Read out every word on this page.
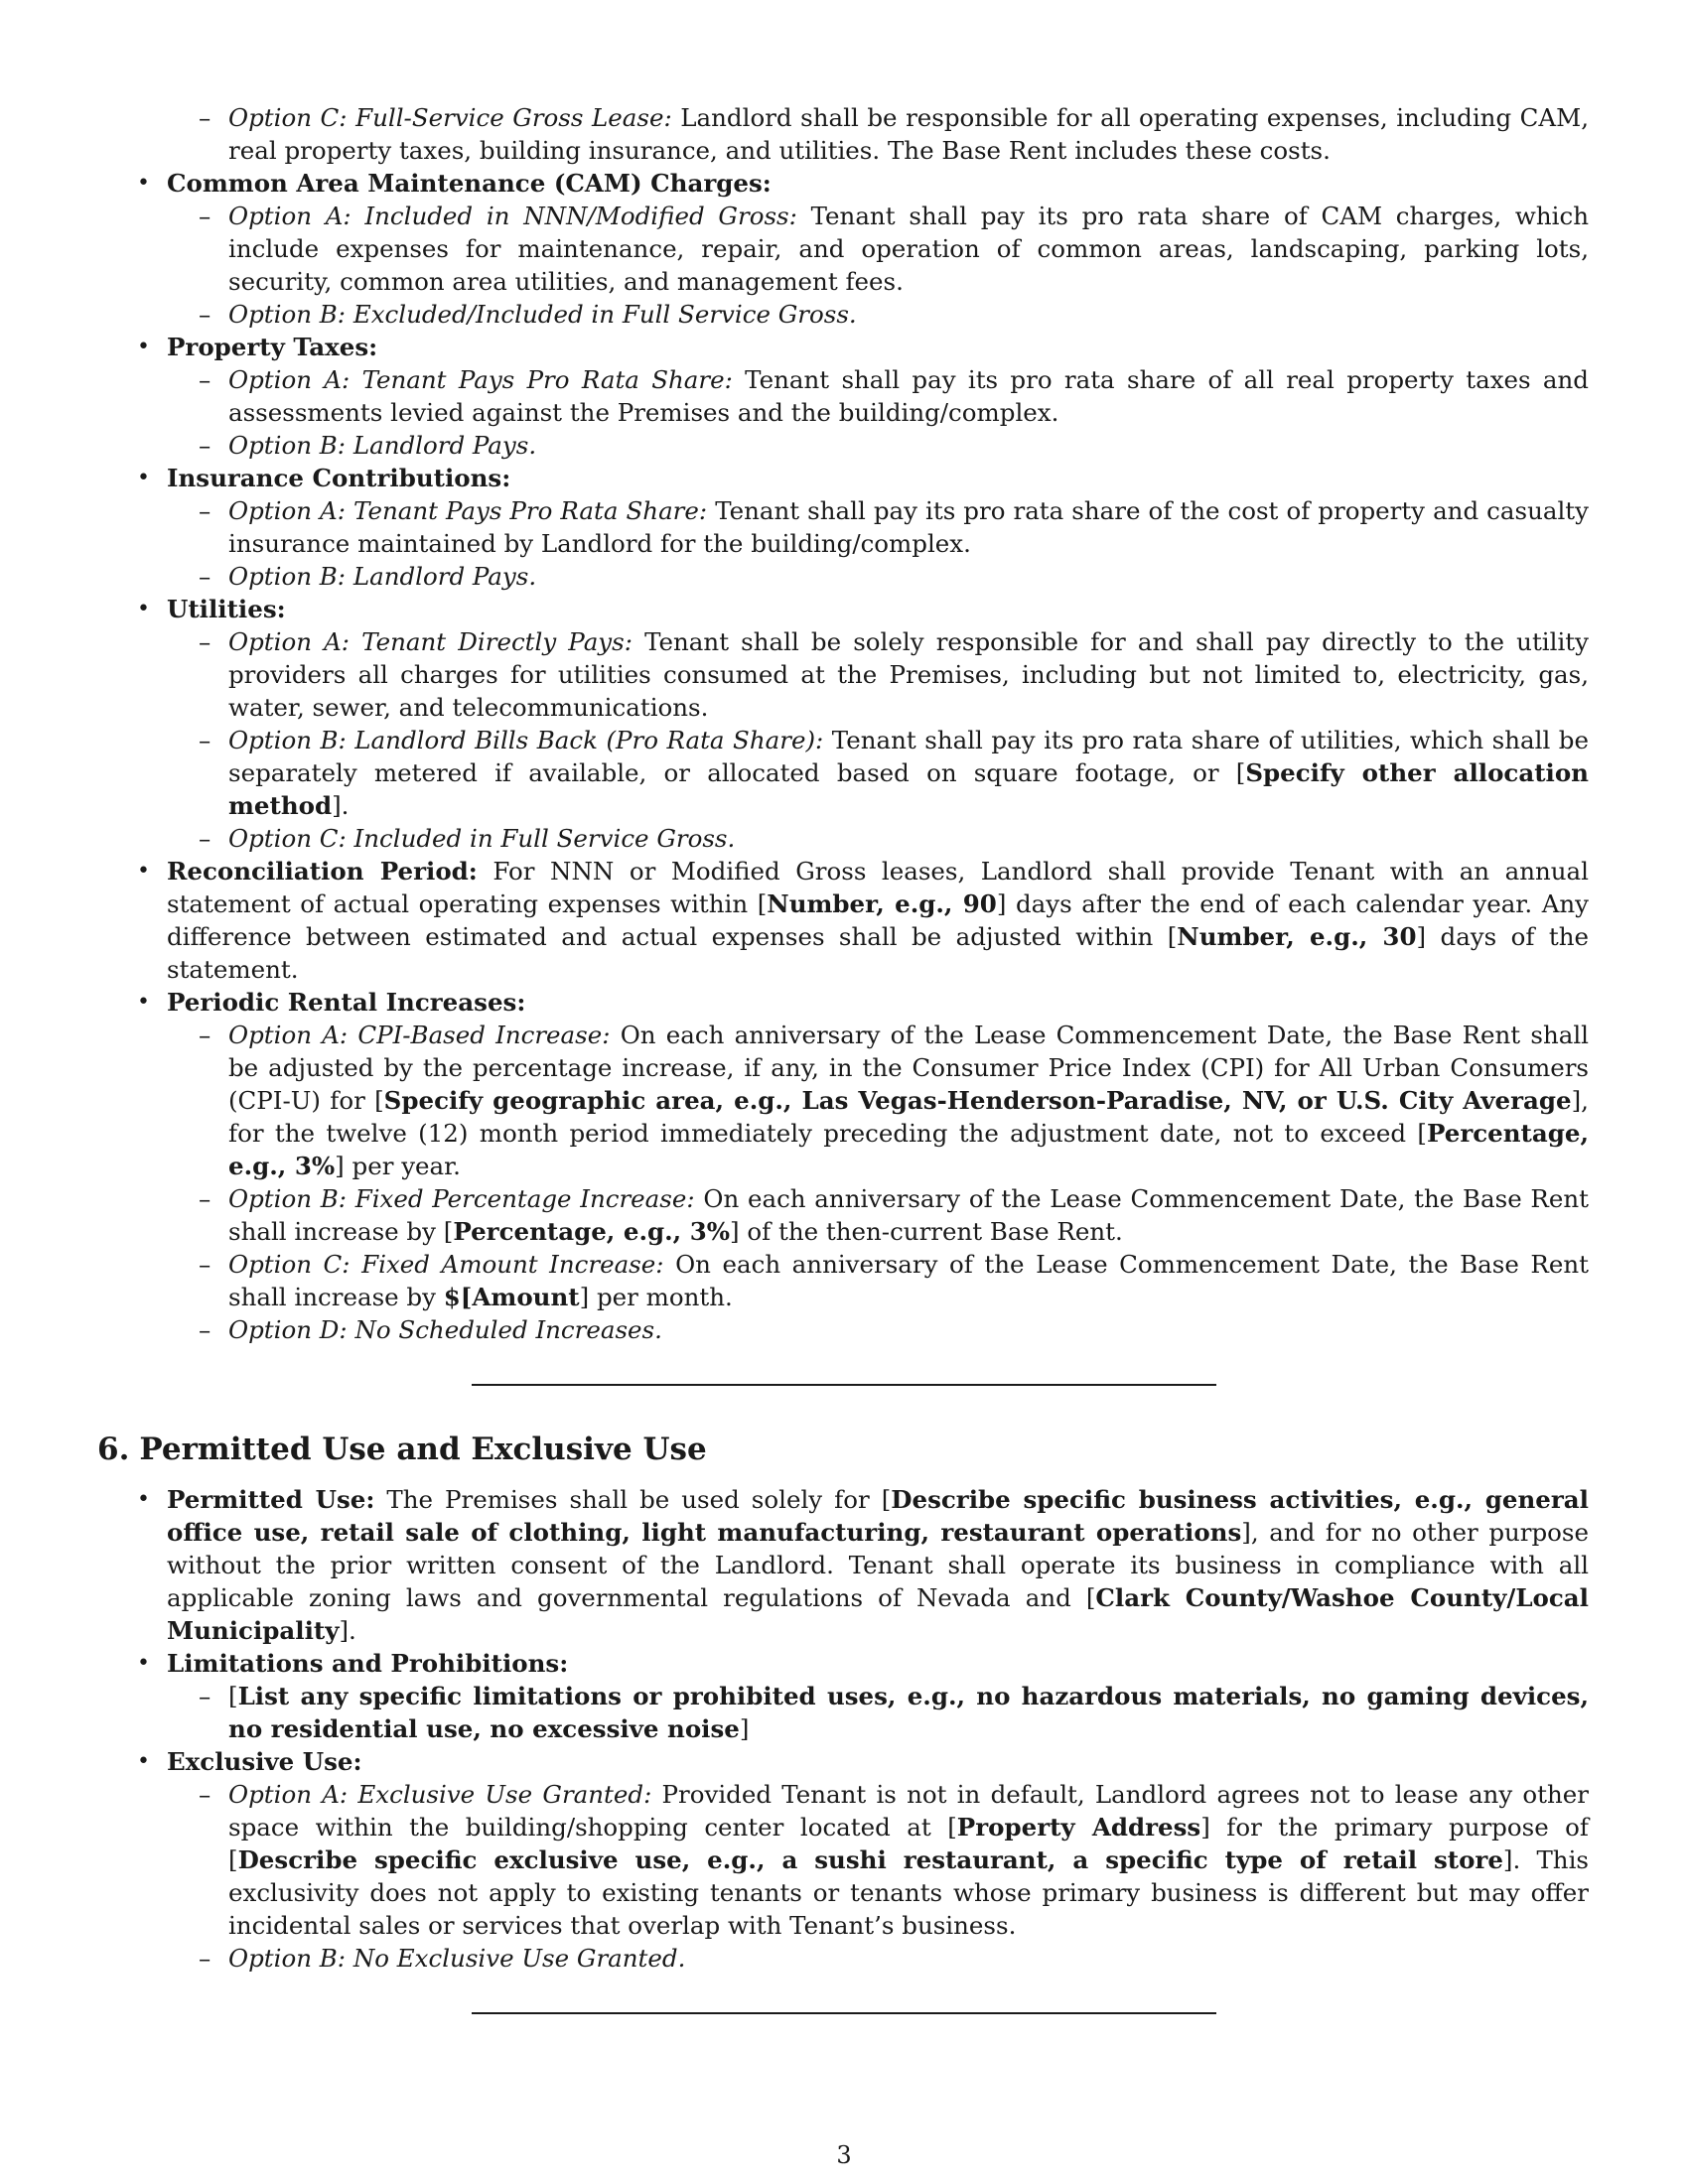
– Option C: Full-Service Gross Lease: Landlord shall be responsible for all operating expenses, including CAM, real property taxes, building insurance, and utilities. The Base Rent includes these costs.
• Common Area Maintenance (CAM) Charges:
– Option A: Included in NNN/Modified Gross: Tenant shall pay its pro rata share of CAM charges, which include expenses for maintenance, repair, and operation of common areas, landscaping, parking lots, security, common area utilities, and management fees.
– Option B: Excluded/Included in Full Service Gross.
• Property Taxes:
– Option A: Tenant Pays Pro Rata Share: Tenant shall pay its pro rata share of all real property taxes and assessments levied against the Premises and the building/complex.
– Option B: Landlord Pays.
• Insurance Contributions:
– Option A: Tenant Pays Pro Rata Share: Tenant shall pay its pro rata share of the cost of property and casualty insurance maintained by Landlord for the building/complex.
– Option B: Landlord Pays.
• Utilities:
– Option A: Tenant Directly Pays: Tenant shall be solely responsible for and shall pay directly to the utility providers all charges for utilities consumed at the Premises, including but not limited to, electricity, gas, water, sewer, and telecommunications.
– Option B: Landlord Bills Back (Pro Rata Share): Tenant shall pay its pro rata share of utilities, which shall be separately metered if available, or allocated based on square footage, or [Specify other allocation method].
– Option C: Included in Full Service Gross.
• Reconciliation Period: For NNN or Modified Gross leases, Landlord shall provide Tenant with an annual statement of actual operating expenses within [Number, e.g., 90] days after the end of each calendar year. Any difference between estimated and actual expenses shall be adjusted within [Number, e.g., 30] days of the statement.
• Periodic Rental Increases:
– Option A: CPI-Based Increase: On each anniversary of the Lease Commencement Date, the Base Rent shall be adjusted by the percentage increase, if any, in the Consumer Price Index (CPI) for All Urban Consumers (CPI-U) for [Specify geographic area, e.g., Las Vegas-Henderson-Paradise, NV, or U.S. City Average], for the twelve (12) month period immediately preceding the adjustment date, not to exceed [Percentage, e.g., 3%] per year.
– Option B: Fixed Percentage Increase: On each anniversary of the Lease Commencement Date, the Base Rent shall increase by [Percentage, e.g., 3%] of the then-current Base Rent.
– Option C: Fixed Amount Increase: On each anniversary of the Lease Commencement Date, the Base Rent shall increase by $[Amount] per month.
– Option D: No Scheduled Increases.
6. Permitted Use and Exclusive Use
• Permitted Use: The Premises shall be used solely for [Describe specific business activities, e.g., general office use, retail sale of clothing, light manufacturing, restaurant operations], and for no other purpose without the prior written consent of the Landlord. Tenant shall operate its business in compliance with all applicable zoning laws and governmental regulations of Nevada and [Clark County/Washoe County/Local Municipality].
• Limitations and Prohibitions:
– [List any specific limitations or prohibited uses, e.g., no hazardous materials, no gaming devices, no residential use, no excessive noise]
• Exclusive Use:
– Option A: Exclusive Use Granted: Provided Tenant is not in default, Landlord agrees not to lease any other space within the building/shopping center located at [Property Address] for the primary purpose of [Describe specific exclusive use, e.g., a sushi restaurant, a specific type of retail store]. This exclusivity does not apply to existing tenants or tenants whose primary business is different but may offer incidental sales or services that overlap with Tenant’s business.
– Option B: No Exclusive Use Granted.
3
